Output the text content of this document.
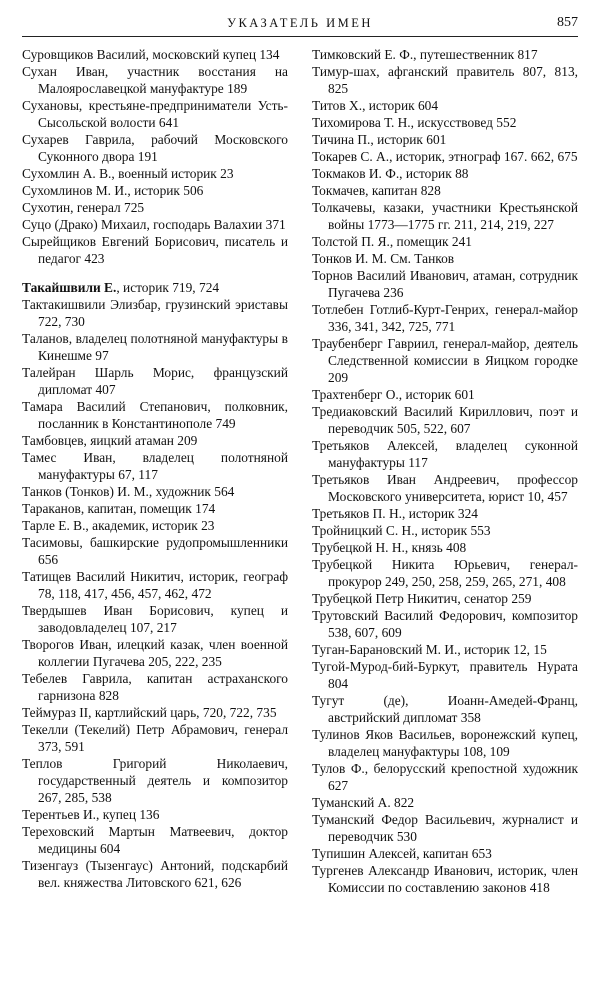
УКАЗАТЕЛЬ ИМЕН	857
Суровщиков Василий, московский купец 134
Сухан Иван, участник восстания на Малоярославецкой мануфактуре 189
Сухановы, крестьяне-предприниматели Усть-Сысольской волости 641
Сухарев Гаврила, рабочий Московского Суконного двора 191
Сухомлин А. В., военный историк 23
Сухомлинов М. И., историк 506
Сухотин, генерал 725
Суцо (Драко) Михаил, господарь Валахии 371
Сырейщиков Евгений Борисович, писатель и педагог 423
Такайшвили Е., историк 719, 724
Тактакишвили Элизбар, грузинский эриставы 722, 730
Таланов, владелец полотняной мануфактуры в Кинешме 97
Талейран Шарль Морис, французский дипломат 407
Тамара Василий Степанович, полковник, посланник в Константинополе 749
Тамбовцев, яицкий атаман 209
Тамес Иван, владелец полотняной мануфактуры 67, 117
Танков (Тонков) И. М., художник 564
Тараканов, капитан, помещик 174
Тарле Е. В., академик, историк 23
Тасимовы, башкирские рудопромышленники 656
Татищев Василий Никитич, историк, географ 78, 118, 417, 456, 457, 462, 472
Твердышев Иван Борисович, купец и заводовладелец 107, 217
Творогов Иван, илецкий казак, член военной коллегии Пугачева 205, 222, 235
Тебелев Гаврила, капитан астраханского гарнизона 828
Теймураз II, картлийский царь, 720, 722, 735
Текелли (Текелий) Петр Абрамович, генерал 373, 591
Теплов Григорий Николаевич, государственный деятель и композитор 267, 285, 538
Терентьев И., купец 136
Тереховский Мартын Матвеевич, доктор медицины 604
Тизенгауз (Тызенгаус) Антоний, подскарбий вел. княжества Литовского 621, 626
Тимковский Е. Ф., путешественник 817
Тимур-шах, афганский правитель 807, 813, 825
Титов Х., историк 604
Тихомирова Т. Н., искусствовед 552
Тичина П., историк 601
Токарев С. А., историк, этнограф 167. 662, 675
Токмаков И. Ф., историк 88
Токмачев, капитан 828
Толкачевы, казаки, участники Крестьянской войны 1773—1775 гг. 211, 214, 219, 227
Толстой П. Я., помещик 241
Тонков И. М. См. Танков
Торнов Василий Иванович, атаман, сотрудник Пугачева 236
Тотлебен Готлиб-Курт-Генрих, генерал-майор 336, 341, 342, 725, 771
Траубенберг Гавриил, генерал-майор, деятель Следственной комиссии в Яицком городке 209
Трахтенберг О., историк 601
Тредиаковский Василий Кириллович, поэт и переводчик 505, 522, 607
Третьяков Алексей, владелец суконной мануфактуры 117
Третьяков Иван Андреевич, профессор Московского университета, юрист 10, 457
Третьяков П. Н., историк 324
Тройницкий С. Н., историк 553
Трубецкой Н. Н., князь 408
Трубецкой Никита Юрьевич, генерал-прокурор 249, 250, 258, 259, 265, 271, 408
Трубецкой Петр Никитич, сенатор 259
Трутовский Василий Федорович, композитор 538, 607, 609
Туган-Барановский М. И., историк 12, 15
Тугой-Мурод-бий-Буркут, правитель Нурата 804
Тугут (де), Иоанн-Амедей-Франц, австрийский дипломат 358
Тулинов Яков Васильев, воронежский купец, владелец мануфактуры 108, 109
Тулов Ф., белорусский крепостной художник 627
Туманский А. 822
Туманский Федор Васильевич, журналист и переводчик 530
Тупишин Алексей, капитан 653
Тургенев Александр Иванович, историк, член Комиссии по составлению законов 418
